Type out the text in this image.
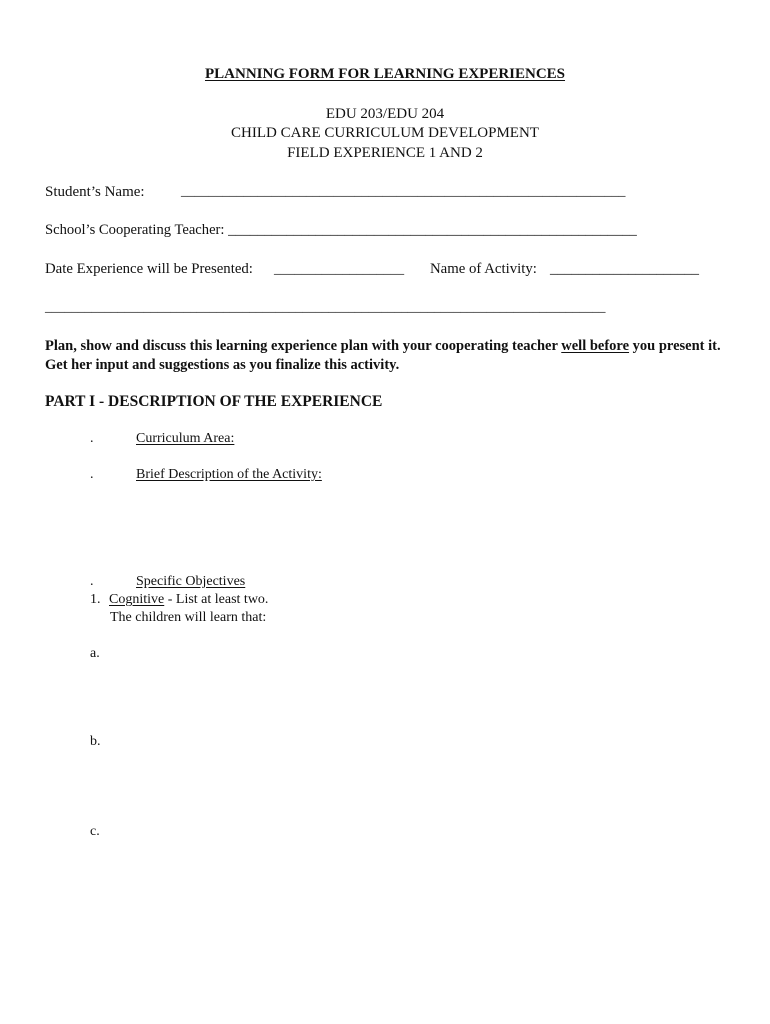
PLANNING FORM FOR LEARNING EXPERIENCES
EDU 203/EDU 204
CHILD CARE CURRICULUM DEVELOPMENT
FIELD EXPERIENCE 1 AND 2
Student’s Name:	________________________________________________________________
School’s Cooperating Teacher: ________________________________________________________
Date Experience will be Presented: ___________________ Name of Activity: _____________________
_____________________________________________________________________________________
Plan, show and discuss this learning experience plan with your cooperating teacher well before you present it. Get her input and suggestions as you finalize this activity.
PART I - DESCRIPTION OF THE EXPERIENCE
.	Curriculum Area:
.	Brief Description of the Activity:
.	Specific Objectives
1. Cognitive - List at least two.
The children will learn that:
a.
b.
c.
